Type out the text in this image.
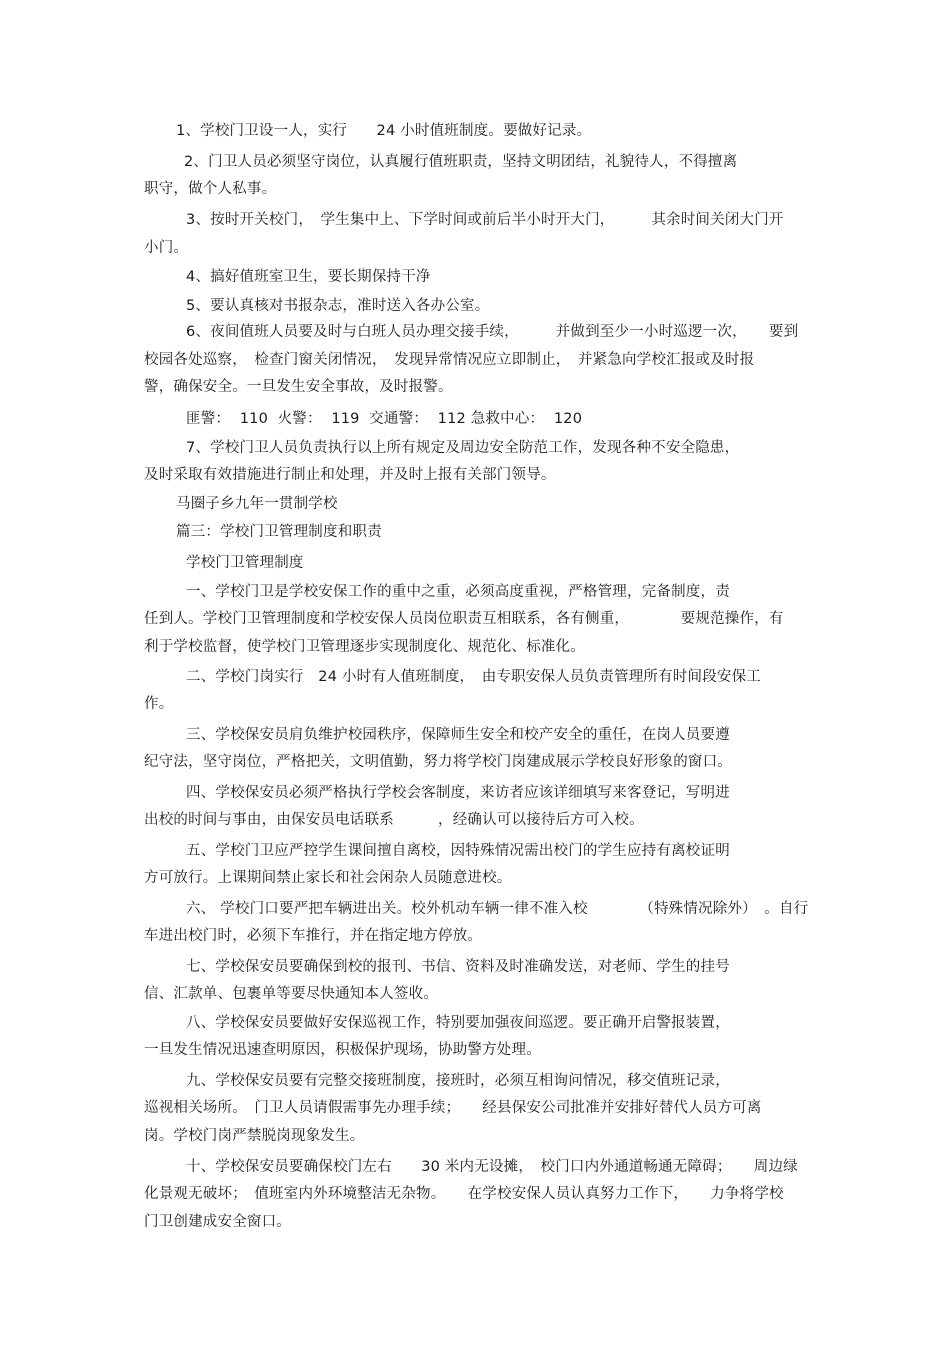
1、学校门卫设一人，实行　　24 小时值班制度。要做好记录。
2、门卫人员必须坚守岗位，认真履行值班职责，坚持文明团结，礼貌待人，不得擅离
职守，做个人私事。
3、按时开关校门，　学生集中上、下学时间或前后半小时开大门，　　　其余时间关闭大门开
小门。
4、搞好值班室卫生，要长期保持干净
5、要认真核对书报杂志，准时送入各办公室。
6、夜间值班人员要及时与白班人员办理交接手续，　　　并做到至少一小时巡逻一次，　　要到
校园各处巡察，　检查门窗关闭情况，　发现异常情况应立即制止，　并紧急向学校汇报或及时报
警，确保安全。一旦发生安全事故，及时报警。
匪警：  110  火警：  119  交通警：  112 急救中心：  120
7、学校门卫人员负责执行以上所有规定及周边安全防范工作，发现各种不安全隐患，
及时采取有效措施进行制止和处理，并及时上报有关部门领导。
马圈子乡九年一贯制学校
篇三：学校门卫管理制度和职责
学校门卫管理制度
一、学校门卫是学校安保工作的重中之重，必须高度重视，严格管理，完备制度，责
任到人。学校门卫管理制度和学校安保人员岗位职责互相联系，各有侧重，　　　　要规范操作，有
利于学校监督，使学校门卫管理逐步实现制度化、规范化、标准化。
二、学校门岗实行　24 小时有人值班制度，　由专职安保人员负责管理所有时间段安保工
作。
三、学校保安员肩负维护校园秩序，保障师生安全和校产安全的重任，在岗人员要遵
纪守法，坚守岗位，严格把关，文明值勤，努力将学校门岗建成展示学校良好形象的窗口。
四、学校保安员必须严格执行学校会客制度，来访者应该详细填写来客登记，写明进
出校的时间与事由，由保安员电话联系　　　，经确认可以接待后方可入校。
五、学校门卫应严控学生课间擅自离校，因特殊情况需出校门的学生应持有离校证明
方可放行。上课期间禁止家长和社会闲杂人员随意进校。
六、 学校门口要严把车辆进出关。校外机动车辆一律不准入校　　　　（特殊情况除外）　。自行
车进出校门时，必须下车推行，并在指定地方停放。
七、学校保安员要确保到校的报刊、书信、资料及时准确发送，对老师、学生的挂号
信、汇款单、包裹单等要尽快通知本人签收。
八、学校保安员要做好安保巡视工作，特别要加强夜间巡逻。要正确开启警报装置，
一旦发生情况迅速查明原因，积极保护现场，协助警方处理。
九、学校保安员要有完整交接班制度，接班时，必须互相询问情况，移交值班记录，
巡视相关场所。　门卫人员请假需事先办理手续；　　经县保安公司批准并安排好替代人员方可离
岗。学校门岗严禁脱岗现象发生。
十、学校保安员要确保校门左右　　30 米内无设摊，　校门口内外通道畅通无障碍；　　周边绿
化景观无破坏；　值班室内外环境整洁无杂物。　　在学校安保人员认真努力工作下，　　力争将学校
门卫创建成安全窗口。
